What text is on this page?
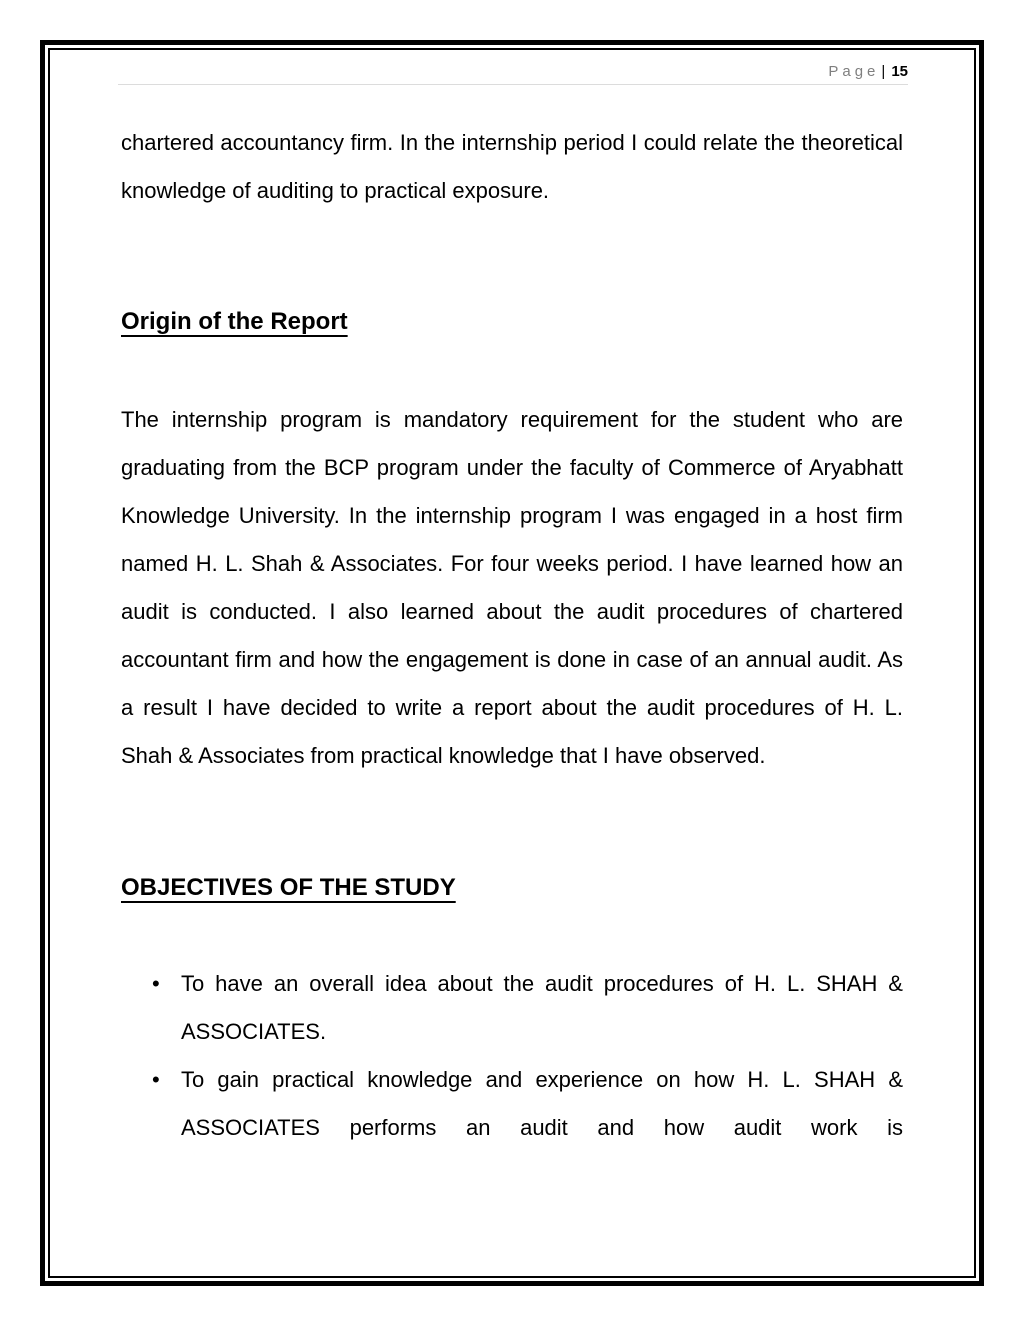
Page | 15

chartered accountancy firm. In the internship period I could relate the theoretical knowledge of auditing to practical exposure.

Origin of the Report

The internship program is mandatory requirement for the student who are graduating from the BCP program under the faculty of Commerce of Aryabhatt Knowledge University. In the internship program I was engaged in a host firm named H. L. Shah & Associates. For four weeks period. I have learned how an audit is conducted. I also learned about the audit procedures of chartered accountant firm and how the engagement is done in case of an annual audit. As a result I have decided to write a report about the audit procedures of H. L. Shah & Associates from practical knowledge that I have observed.

OBJECTIVES OF THE STUDY
• To have an overall idea about the audit procedures of H. L. SHAH & ASSOCIATES.
• To gain practical knowledge and experience on how H. L. SHAH & ASSOCIATES performs an audit and how audit work is
